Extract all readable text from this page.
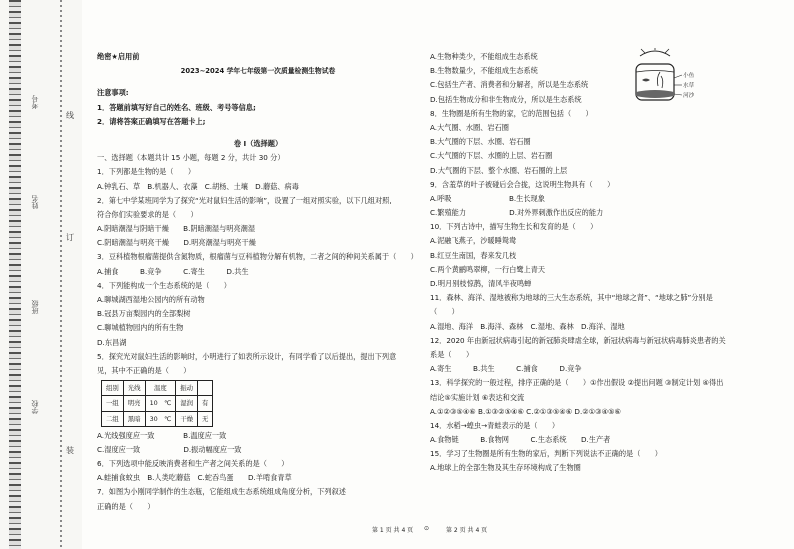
线
订
装
考号
姓名
班级
学校
绝密★启用前
2023~2024 学年七年级第一次质量检测生物试卷
注意事项:
1．答题前填写好自己的姓名、班级、考号等信息;
2．请将答案正确填写在答题卡上;
卷 I（选择题）
一、选择题（本题共计 15 小题，每题 2 分，共计 30 分）
1．下列都是生物的是（　　）
A.钟乳石、草　B.机器人、衣藻　C.胡杨、土壤　D.蘑菇、病毒
2．第七中学某班同学为了探究“光对鼠妇生活的影响”，设置了一组对照实验，以下几组对照,
符合你们实验要求的是（　　）
A.阴暗潮湿与阴暗干燥　　B.阴暗潮湿与明亮潮湿
C.阴暗潮湿与明亮干燥　　D.明亮潮湿与明亮干燥
3．豆科植物根瘤菌提供含氮物质，根瘤菌与豆科植物分解有机物，二者之间的种间关系属于（　　）
A.捕食　　　B.竞争　　　C.寄生　　　D.共生
4．下列能构成一个生态系统的是（　　）
A.聊城湖西湿地公园内的所有动物
B.冠县万亩梨园内的全部梨树
C.聊城植物园内的所有生物
D.东昌湖
5．探究光对鼠妇生活的影响时，小明进行了如表所示设计，有同学看了以后提出，提出下列意
见，其中不正确的是（　　）
组别	光线	温度	振动	
一组	明亮	10　℃	湿润	有
二组	黑暗	30　℃	干燥	无
A.光线强度应一致　　　　B.温度应一致
C.湿度应一致　　　　　　D.振动幅度应一致
6．下列选项中能反映消费者和生产者之间关系的是（　　）
A.蛙捕食蚊虫　B.人类吃蘑菇　C.蛇吞鸟蛋　　D.羊啃食青草
7．如图为小刚同学制作的生态瓶，它能组成生态系统组成角度分析，下列叙述
正确的是（　　）
A.生物种类少，不能组成生态系统
B.生物数量少，不能组成生态系统
C.包括生产者、消费者和分解者，所以是生态系统
D.包括生物成分和非生物成分，所以是生态系统
8．生物圈是所有生物的家，它的范围包括（　　）
A.大气圈、水圈、岩石圈
B.大气圈的下层、水圈、岩石圈
C.大气圈的下层、水圈的上层、岩石圈
D.大气圈的下层、整个水圈、岩石圈的上层
9．含羞草的叶子被碰后会合拢，这说明生物具有（　　）
A.呼吸　　　　　　　　B.生长现象
C.繁殖能力　　　　　　D.对外界刺激作出反应的能力
10．下列古诗中，描写生物生长和发育的是（　　）
A.泥融飞燕子，沙暖睡鸳鸯
B.红豆生南国，春来发几枝
C.两个黄鹂鸣翠柳，一行白鹭上青天
D.明月别枝惊鹊，清风半夜鸣蝉
11．森林、海洋、湿地被称为地球的三大生态系统，其中“地球之肾”、“地球之肺”分别是
（　　）
A.湿地、海洋　B.海洋、森林　C.湿地、森林　D.海洋、湿地
12．2020 年由新冠状病毒引起的新冠肺炎肆虐全球，新冠状病毒与新冠状病毒肺炎患者的关
系是（　　）
A.寄生　　　B.共生　　　C.捕食　　　D.竞争
13．科学探究的一般过程，排序正确的是（　　）①作出假设 ②提出问题 ③制定计划 ④得出
结论⑤实施计划 ⑥表达和交流
A.①②③⑤④⑥ B.①③②⑤④⑥ C.②①③⑤④⑥ D.②①③④⑤⑥
14．水稻→蝗虫→青蛙表示的是（　　）
A.食物链　　　B.食物网　　　C.生态系统　　D.生产者
15．学习了生物圈是所有生物的家后，判断下列说法不正确的是（　　）
A.地球上的全部生物及其生存环境构成了生物圈
小鱼
水草
河沙
第 1 页 共 4 页 ⊙	第 2 页 共 4 页
